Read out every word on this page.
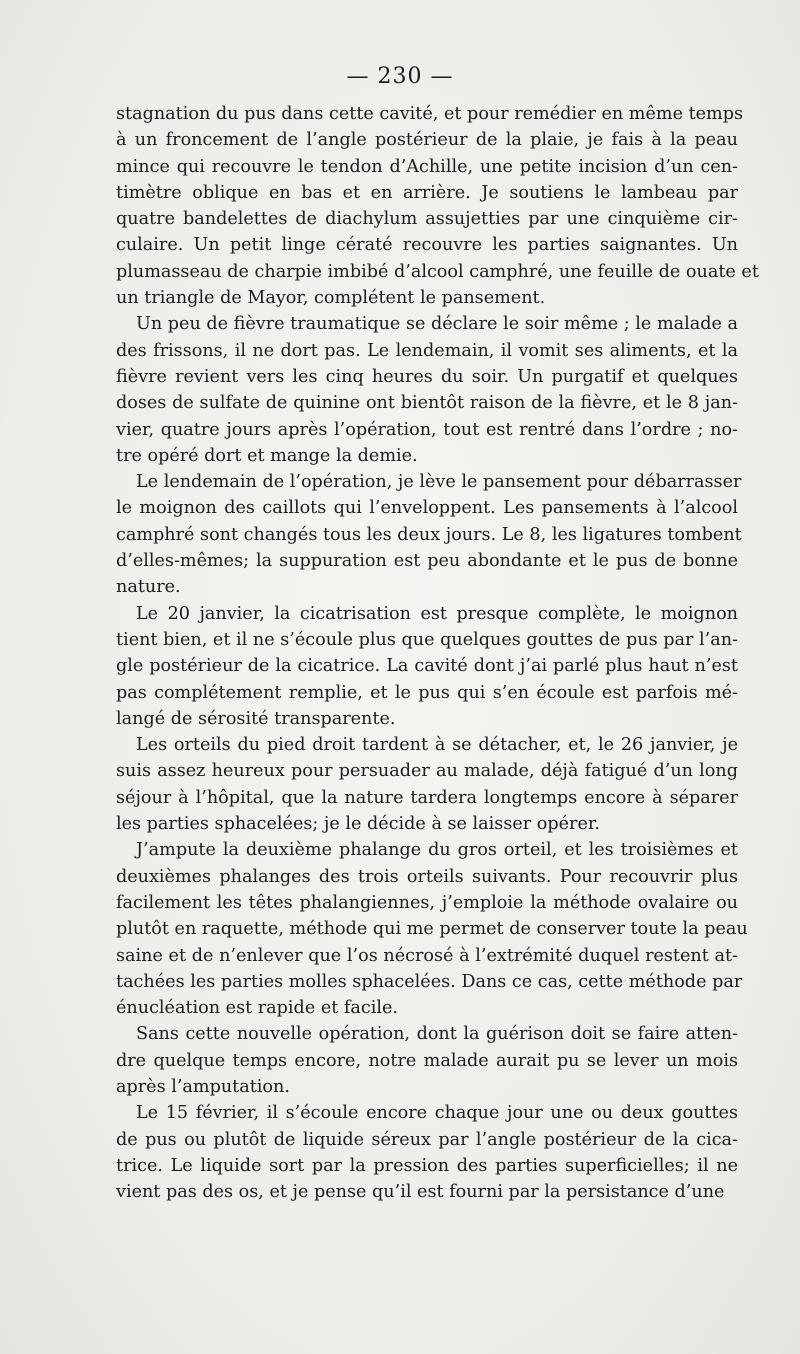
— 230 —
stagnation du pus dans cette cavité, et pour remédier en même temps
à un froncement de l’angle postérieur de la plaie, je fais à la peau
mince qui recouvre le tendon d’Achille, une petite incision d’un cen-
timètre oblique en bas et en arrière. Je soutiens le lambeau par
quatre bandelettes de diachylum assujetties par une cinquième cir-
culaire. Un petit linge cératé recouvre les parties saignantes. Un
plumasseau de charpie imbibé d’alcool camphré, une feuille de ouate et
un triangle de Mayor, complétent le pansement.
Un peu de fièvre traumatique se déclare le soir même ; le malade a
des frissons, il ne dort pas. Le lendemain, il vomit ses aliments, et la
fièvre revient vers les cinq heures du soir. Un purgatif et quelques
doses de sulfate de quinine ont bientôt raison de la fièvre, et le 8 jan-
vier, quatre jours après l’opération, tout est rentré dans l’ordre ; no-
tre opéré dort et mange la demie.
Le lendemain de l’opération, je lève le pansement pour débarrasser
le moignon des caillots qui l’enveloppent. Les pansements à l’alcool
camphré sont changés tous les deux jours. Le 8, les ligatures tombent
d’elles-mêmes; la suppuration est peu abondante et le pus de bonne
nature.
Le 20 janvier, la cicatrisation est presque complète, le moignon
tient bien, et il ne s’écoule plus que quelques gouttes de pus par l’an-
gle postérieur de la cicatrice. La cavité dont j’ai parlé plus haut n’est
pas complétement remplie, et le pus qui s’en écoule est parfois mé-
langé de sérosité transparente.
Les orteils du pied droit tardent à se détacher, et, le 26 janvier, je
suis assez heureux pour persuader au malade, déjà fatigué d’un long
séjour à l’hôpital, que la nature tardera longtemps encore à séparer
les parties sphacelées; je le décide à se laisser opérer.
J’ampute la deuxième phalange du gros orteil, et les troisièmes et
deuxièmes phalanges des trois orteils suivants. Pour recouvrir plus
facilement les têtes phalangiennes, j’emploie la méthode ovalaire ou
plutôt en raquette, méthode qui me permet de conserver toute la peau
saine et de n’enlever que l’os nécrosé à l’extrémité duquel restent at-
tachées les parties molles sphacelées. Dans ce cas, cette méthode par
énucléation est rapide et facile.
Sans cette nouvelle opération, dont la guérison doit se faire atten-
dre quelque temps encore, notre malade aurait pu se lever un mois
après l’amputation.
Le 15 février, il s’écoule encore chaque jour une ou deux gouttes
de pus ou plutôt de liquide séreux par l’angle postérieur de la cica-
trice. Le liquide sort par la pression des parties superficielles; il ne
vient pas des os, et je pense qu’il est fourni par la persistance d’une
